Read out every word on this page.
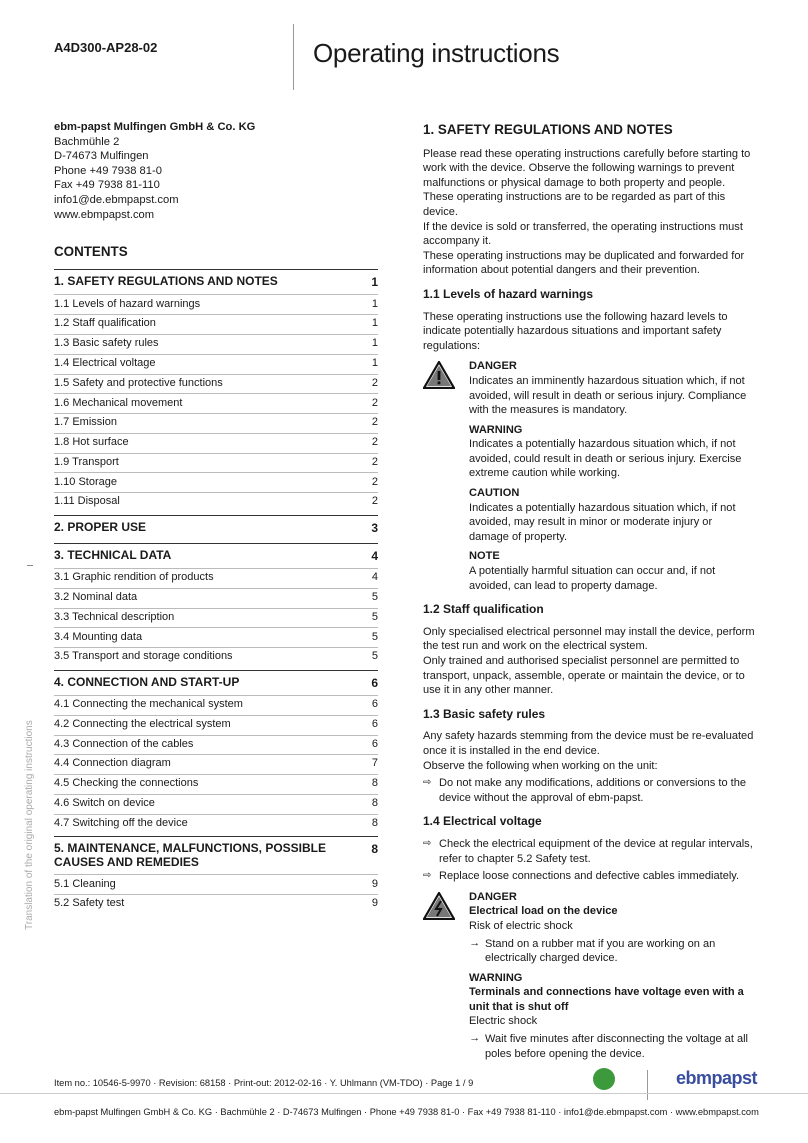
A4D300-AP28-02	Operating instructions
Translation of the original operating instructions
ebm-papst Mulfingen GmbH & Co. KG
Bachmühle 2
D-74673 Mulfingen
Phone +49 7938 81-0
Fax +49 7938 81-110
info1@de.ebmpapst.com
www.ebmpapst.com
CONTENTS
1. SAFETY REGULATIONS AND NOTES	1
1.1 Levels of hazard warnings	1
1.2 Staff qualification	1
1.3 Basic safety rules	1
1.4 Electrical voltage	1
1.5 Safety and protective functions	2
1.6 Mechanical movement	2
1.7 Emission	2
1.8 Hot surface	2
1.9 Transport	2
1.10 Storage	2
1.11 Disposal	2
2. PROPER USE	3
3. TECHNICAL DATA	4
3.1 Graphic rendition of products	4
3.2 Nominal data	5
3.3 Technical description	5
3.4 Mounting data	5
3.5 Transport and storage conditions	5
4. CONNECTION AND START-UP	6
4.1 Connecting the mechanical system	6
4.2 Connecting the electrical system	6
4.3 Connection of the cables	6
4.4 Connection diagram	7
4.5 Checking the connections	8
4.6 Switch on device	8
4.7 Switching off the device	8
5. MAINTENANCE, MALFUNCTIONS, POSSIBLE CAUSES AND REMEDIES
8
5.1 Cleaning	9
5.2 Safety test	9
1. SAFETY REGULATIONS AND NOTES

Please read these operating instructions carefully before starting to work with the device. Observe the following warnings to prevent malfunctions or physical damage to both property and people.

These operating instructions are to be regarded as part of this device.

If the device is sold or transferred, the operating instructions must accompany it.

These operating instructions may be duplicated and forwarded for information about potential dangers and their prevention.

1.1 Levels of hazard warnings

These operating instructions use the following hazard levels to indicate potentially hazardous situations and important safety regulations:

DANGER
Indicates an imminently hazardous situation which, if not avoided, will result in death or serious injury. Compliance with the measures is mandatory.
WARNING
Indicates a potentially hazardous situation which, if not avoided, could result in death or serious injury. Exercise extreme caution while working.
CAUTION
Indicates a potentially hazardous situation which, if not avoided, may result in minor or moderate injury or damage of property.
NOTE
A potentially harmful situation can occur and, if not avoided, can lead to property damage.
1.2 Staff qualification

Only specialised electrical personnel may install the device, perform the test run and work on the electrical system.

Only trained and authorised specialist personnel are permitted to transport, unpack, assemble, operate or maintain the device, or to use it in any other manner.

1.3 Basic safety rules

Any safety hazards stemming from the device must be re-evaluated once it is installed in the end device.

Observe the following when working on the unit:

⇨ Do not make any modifications, additions or conversions to the device without the approval of ebm-papst.
1.4 Electrical voltage
⇨ Check the electrical equipment of the device at regular intervals, refer to chapter 5.2 Safety test.
⇨ Replace loose connections and defective cables immediately.
DANGER
Electrical load on the device
Risk of electric shock
→ Stand on a rubber mat if you are working on an electrically charged device.
WARNING
Terminals and connections have voltage even with a unit that is shut off
Electric shock
→ Wait five minutes after disconnecting the voltage at all poles before opening the device.
Item no.: 10546-5-9970 · Revision: 68158 · Print-out: 2012-02-16 · Y. Uhlmann (VM-TDO) · Page 1 / 9	ebmpapst
ebm-papst Mulfingen GmbH & Co. KG · Bachmühle 2 · D-74673 Mulfingen · Phone +49 7938 81-0 · Fax +49 7938 81-110 · info1@de.ebmpapst.com · www.ebmpapst.com
